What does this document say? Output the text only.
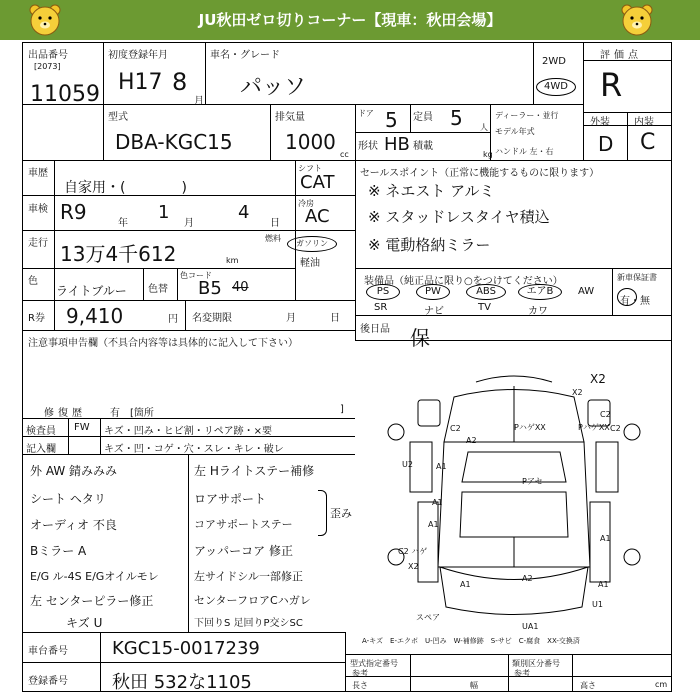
JU秋田ゼロ切りコーナー【現車：秋田会場】
出品番号
[2073]
11059
初度登録年月
H17 8
月
車名・グレード
パッソ
2WD
4WD
評価点
R
型式
DBA-KGC15
排気量
1000
cc
ドア 5 定員 5 人
形状 HB 積載
kg
ディーラー・並行
モデル年式
ハンドル 左・右
外装 内装
D C
車歴
自家用・(　　　　)
シフト
CAT
車検 R9	年
1
月
4
日
冷房
AC
走行 13万4千612	km
燃料
ガソリン
軽油
色
ライトブルー 色替
色コード
B5 40
R券 9,410	円 名変期限	月	日
セールスポイント（正常に機能するものに限ります）
※ ネエスト アルミ
※ スタッドレスタイヤ積込
※ 電動格納ミラー
装備品（純正品に限り○をつけてください）
PS	PW	ABS	エアB	AW
SR	ナビ	TV	カワ
新車保証書
有・無
後日品 保
注意事項申告欄（不具合内容等は具体的に記入して下さい）
修復歴 有 [箇所	]
検査員
記入欄
FW キズ・凹み・ヒビ割・リペア跡・×要
キズ・凹・コゲ・穴・スレ・キレ・破レ
外 AW 錆みみみ
シート ヘタリ
オーディオ 不良
Bミラー A
E/G ル-4S E/Gオイルモレ
左 センターピラー修正
キズ U
左 Hライトステー補修
ロアサポート
コアサポートステー
アッパーコア 修正
左サイドシル一部修正
センターフロアCハガレ
下回りS 足回りP交シSC
歪み
X2
C2
A2
PハゲXX	PハゲXX
C2
U2	A1
Pアセ
C2 ハゲ
A1
A1
A2
A1
UA1
U1
A1
A1
スペア
X2
C2
X2
A-キズ　E-エクボ　U-凹み　W-補修跡　S-サビ　C-腐食　XX-交換済
車台番号 KGC15-0017239
登録番号 秋田 532な1105
型式指定番号	類別区分番号
参考	参考
長さ	幅	高さ	cm
